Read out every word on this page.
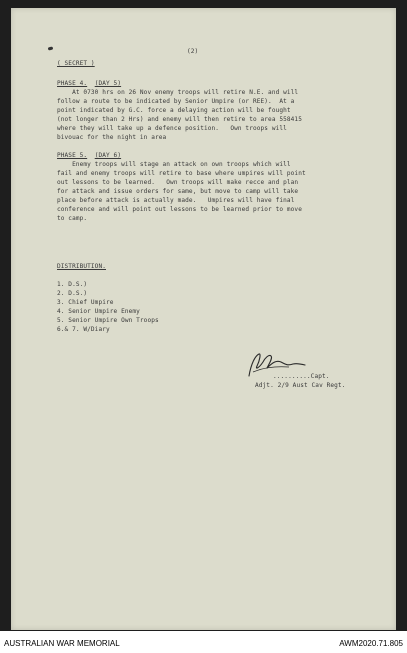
(2)
( SECRET )
PHASE 4. (DAY 5)
At 0730 hrs on 26 Nov enemy troops will retire N.E. and will
follow a route to be indicated by Senior Umpire (or REE).  At a
point indicated by G.C. force a delaying action will be fought
(not longer than 2 Hrs) and enemy will then retire to area 558415
where they will take up a defence position.   Own troops will
bivouac for the night in area
PHASE 5. (DAY 6)
Enemy troops will stage an attack on own troops which will
fail and enemy troops will retire to base where umpires will point
out lessons to be learned.   Own troops will make recce and plan
for attack and issue orders for same, but move to camp will take
place before attack is actually made.   Umpires will have final
conference and will point out lessons to be learned prior to move
to camp.
DISTRIBUTION.
1. D.S.)
2. D.S.)
3. Chief Umpire
4. Senior Umpire Enemy
5. Senior Umpire Own Troops
6.& 7. W/Diary
..........Capt.
Adjt. 2/9 Aust Cav Regt.
AUSTRALIAN WAR MEMORIAL	AWM2020.71.805
